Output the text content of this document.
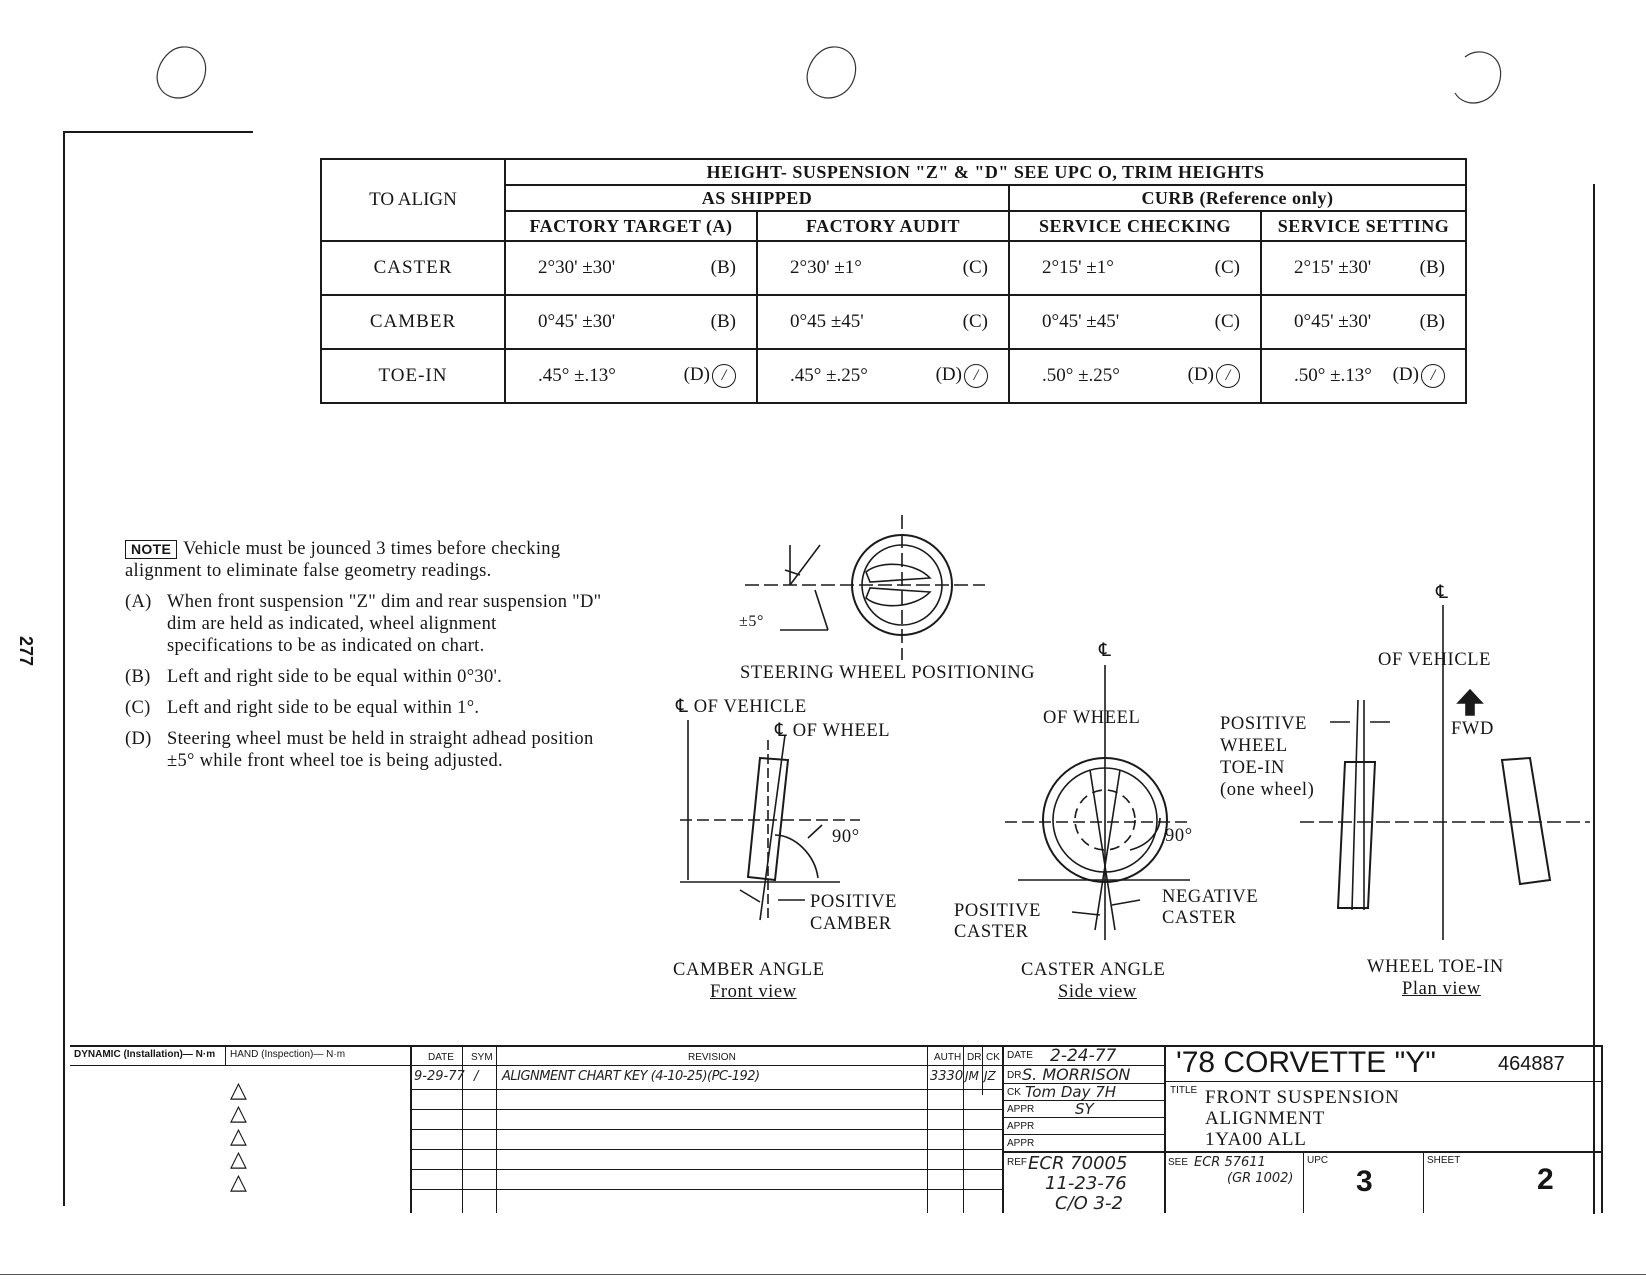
277
TO ALIGN	HEIGHT- SUSPENSION "Z" & "D" SEE UPC O, TRIM HEIGHTS			
	AS SHIPPED		CURB (Reference only)	
	FACTORY TARGET (A)	FACTORY AUDIT	SERVICE CHECKING	SERVICE SETTING
CASTER	2°30' ±30' (B)	2°30' ±1° (C)	2°15' ±1° (C)	2°15' ±30' (B)

CAMBER	0°45' ±30' (B)	0°45 ±45' (C)	0°45' ±45' (C)	0°45' ±30' (B)

TOE-IN	.45° ±.13° (D) /	.45° ±.25° (D) /	.50° ±.25° (D) /	.50° ±.13° (D) /
NOTE Vehicle must be jounced 3 times before checking alignment to eliminate false geometry readings.
(A) When front suspension "Z" dim and rear suspension "D" dim are held as indicated, wheel alignment specifications to be as indicated on chart.
(B) Left and right side to be equal within 0°30'.
(C) Left and right side to be equal within 1°.
(D) Steering wheel must be held in straight adhead position ±5° while front wheel toe is being adjusted.
±5°
STEERING WHEEL POSITIONING
℄ OF VEHICLE
℄ OF WHEEL
90°
POSITIVE
CAMBER
CAMBER ANGLE
Front view
℄
OF WHEEL
90°
POSITIVE
CASTER
NEGATIVE
CASTER
CASTER ANGLE
Side view
℄
OF VEHICLE
POSITIVE
WHEEL
TOE-IN
(one wheel)
FWD
WHEEL TOE-IN
Plan view
DYNAMIC (Installation)— N·m HAND (Inspection)— N·m
△
△
△
△
△
DATE SYM	REVISION	AUTH DR CK
9-29-77 / ALIGNMENT CHART KEY (4-10-25)(PC-192)	3330 JM JZ
DATE 2-24-77
DR S. MORRISON
CK Tom Day 7H
APPR	SY
APPR
APPR
REF ECR 70005
11-23-76
C/O 3-2
SEE ECR 57611
(GR 1002)
'78 CORVETTE "Y"	464887
TITLE FRONT SUSPENSION
ALIGNMENT
1YA00 ALL
UPC
3
SHEET
2
